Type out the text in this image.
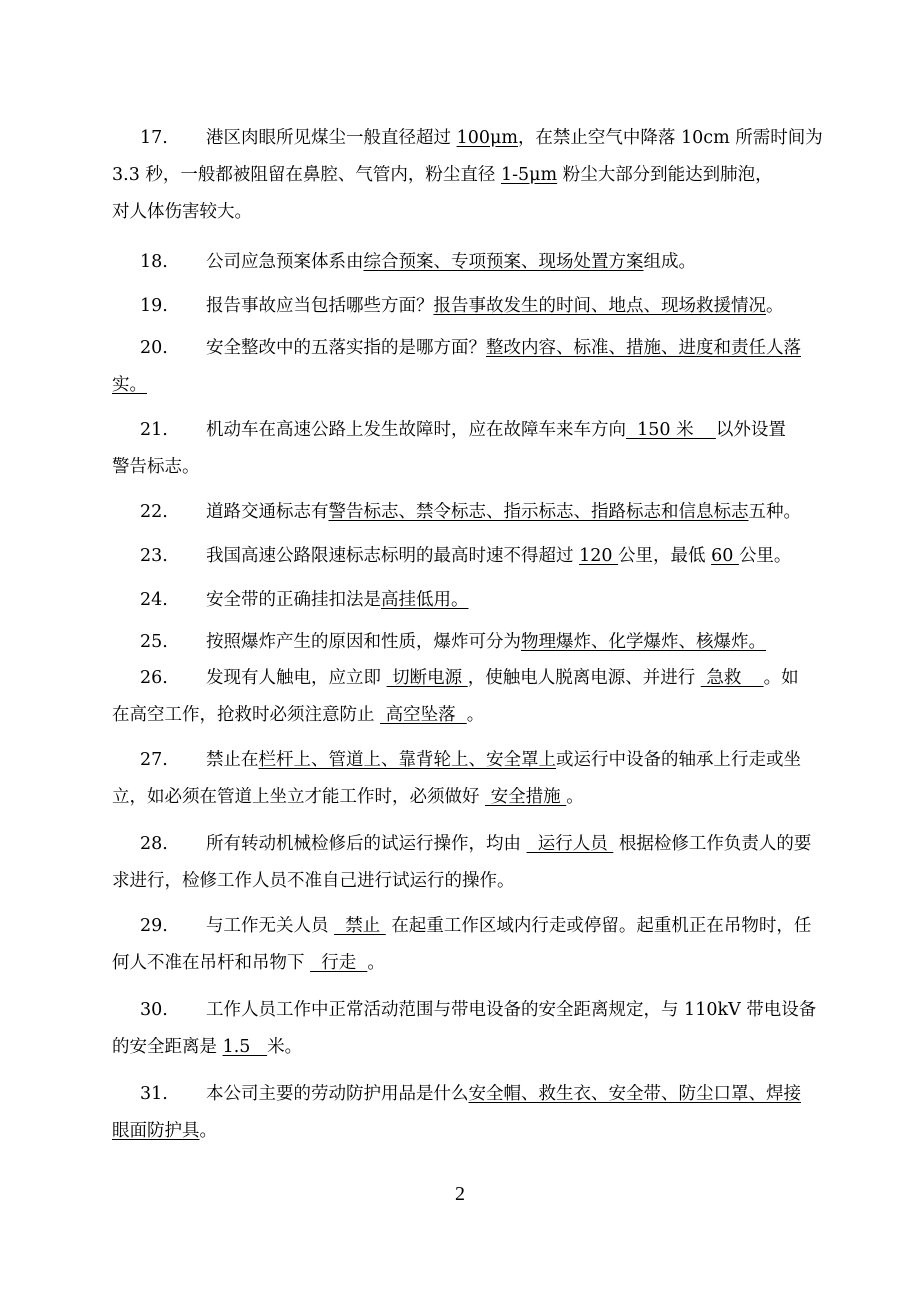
17. 港区肉眼所见煤尘一般直径超过 100μm，在禁止空气中降落 10cm 所需时间为
3.3 秒，一般都被阻留在鼻腔、气管内，粉尘直径 1-5μm 粉尘大部分到能达到肺泡，
对人体伤害较大。
18. 公司应急预案体系由综合预案、专项预案、现场处置方案组成。
19. 报告事故应当包括哪些方面？报告事故发生的时间、地点、现场救援情况。
20. 安全整改中的五落实指的是哪方面？整改内容、标准、措施、进度和责任人落
实。
21. 机动车在高速公路上发生故障时，应在故障车来车方向  150 米    以外设置
警告标志。
22. 道路交通标志有警告标志、禁令标志、指示标志、指路标志和信息标志五种。
23. 我国高速公路限速标志标明的最高时速不得超过 120 公里，最低 60 公里。
24. 安全带的正确挂扣法是高挂低用。
25. 按照爆炸产生的原因和性质，爆炸可分为物理爆炸、化学爆炸、核爆炸。
26. 发现有人触电，应立即  切断电源 ，使触电人脱离电源、并进行  急救    。如
在高空工作，抢救时必须注意防止  高空坠落  。
27. 禁止在栏杆上、管道上、靠背轮上、安全罩上或运行中设备的轴承上行走或坐
立，如必须在管道上坐立才能工作时，必须做好  安全措施 。
28. 所有转动机械检修后的试运行操作，均由   运行人员  根据检修工作负责人的要
求进行，检修工作人员不准自己进行试运行的操作。
29. 与工作无关人员   禁止  在起重工作区域内行走或停留。起重机正在吊物时，任
何人不准在吊杆和吊物下   行走  。
30. 工作人员工作中正常活动范围与带电设备的安全距离规定，与 110kV 带电设备
的安全距离是 1.5   米。
31. 本公司主要的劳动防护用品是什么安全帽、救生衣、安全带、防尘口罩、焊接
眼面防护具。
2
